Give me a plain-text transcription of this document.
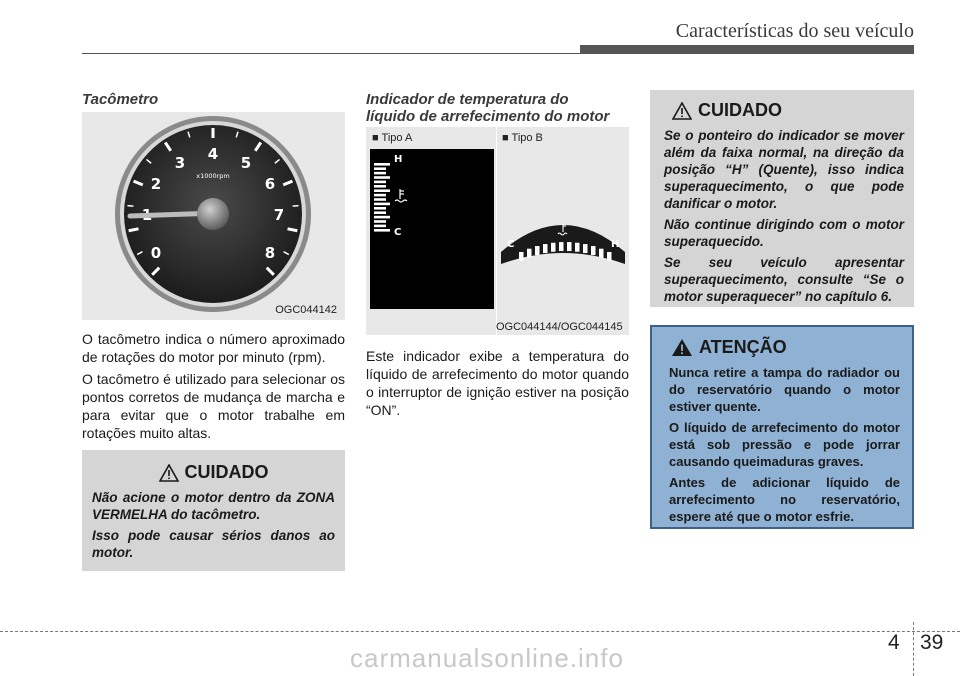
Características do seu veículo
Tacômetro
0
2
3 4 5
6
7
8
x1000rpm
OGC044142

O tacômetro indica o número aproximado de rotações do motor por minuto (rpm).

O tacômetro é utilizado para selecionar os pontos corretos de mudança de marcha e para evitar que o motor trabalhe em rotações muito altas.

CUIDADO

Não acione o motor dentro da ZONA VERMELHA do tacômetro.

Isso pode causar sérios danos ao motor.

Indicador de temperatura do
líquido de arrefecimento do motor
■ Tipo A	■ Tipo B
H
C
C	H
OGC044144/OGC044145

Este indicador exibe a temperatura do líquido de arrefecimento do motor quando o interruptor de ignição estiver na posição “ON”.

CUIDADO

Se o ponteiro do indicador se mover além da faixa normal, na direção da posição “H” (Quente), isso indica superaquecimento, o que pode danificar o motor.

Não continue dirigindo com o motor superaquecido.

Se seu veículo apresentar superaquecimento, consulte “Se o motor superaquecer” no capítulo 6.

ATENÇÃO

Nunca retire a tampa do radiador ou do reservatório quando o motor estiver quente.

O líquido de arrefecimento do motor está sob pressão e pode jorrar causando queimaduras graves.

Antes de adicionar líquido de arrefecimento no reservatório, espere até que o motor esfrie.

4 39
carmanualsonline.info
